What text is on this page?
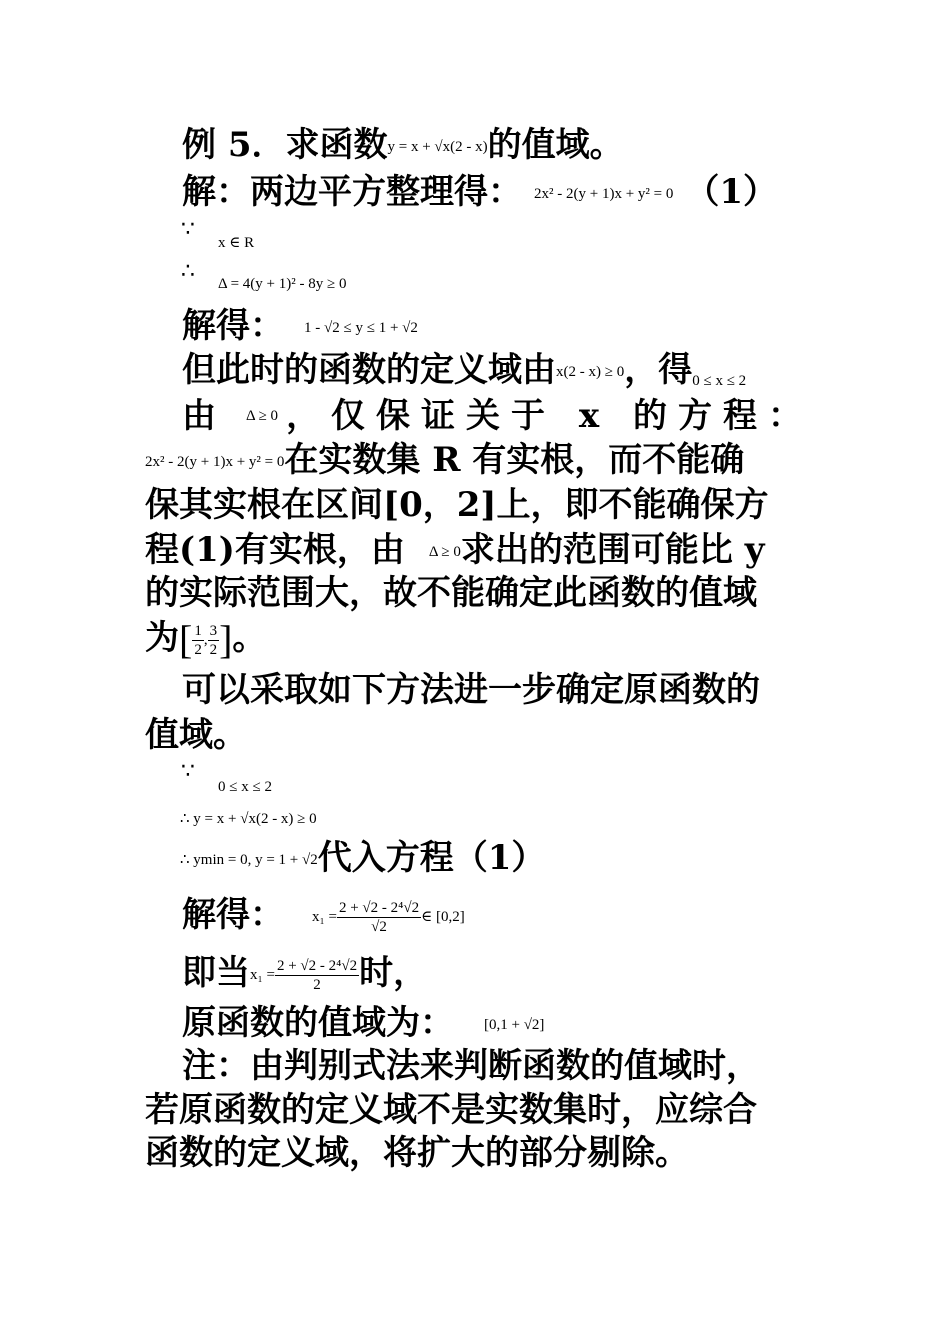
例 5．求函数y = x + √x(2 - x)的值域。
解：两边平方整理得： 2x² - 2(y + 1)x + y² = 0 （1）
∵
x ∈ R
∴ Δ = 4(y + 1)² - 8y ≥ 0
解得： 1 - √2 ≤ y ≤ 1 + √2
但此时的函数的定义域由x(2 - x) ≥ 0，得0 ≤ x ≤ 2
由 Δ ≥ 0 ，仅保证关于 x 的方程：
2x² - 2(y + 1)x + y² = 0在实数集 R 有实根，而不能确
保其实根在区间[0，2]上，即不能确保方
程(1)有实根，由 Δ ≥ 0求出的范围可能比 y
的实际范围大，故不能确定此函数的值域
为[ $\frac{1}{2}$ , $\frac{3}{2}$ ]。
可以采取如下方法进一步确定原函数的
值域。
∵
0 ≤ x ≤ 2
∴ y = x + √x(2 - x) ≥ 0
∴ ymin = 0, y = 1 + √2代入方程（1）
解得： $x_1 = \frac{\text{2 + √2 - 2⁴√2}}{√2}$ ∈ [0,2]
即当$x_1 = \frac{\text{2 + √2 - 2⁴√2}}{2}$ 时，
原函数的值域为： [0,1 + √2]
注：由判别式法来判断函数的值域时，
若原函数的定义域不是实数集时，应综合
函数的定义域，将扩大的部分剔除。
